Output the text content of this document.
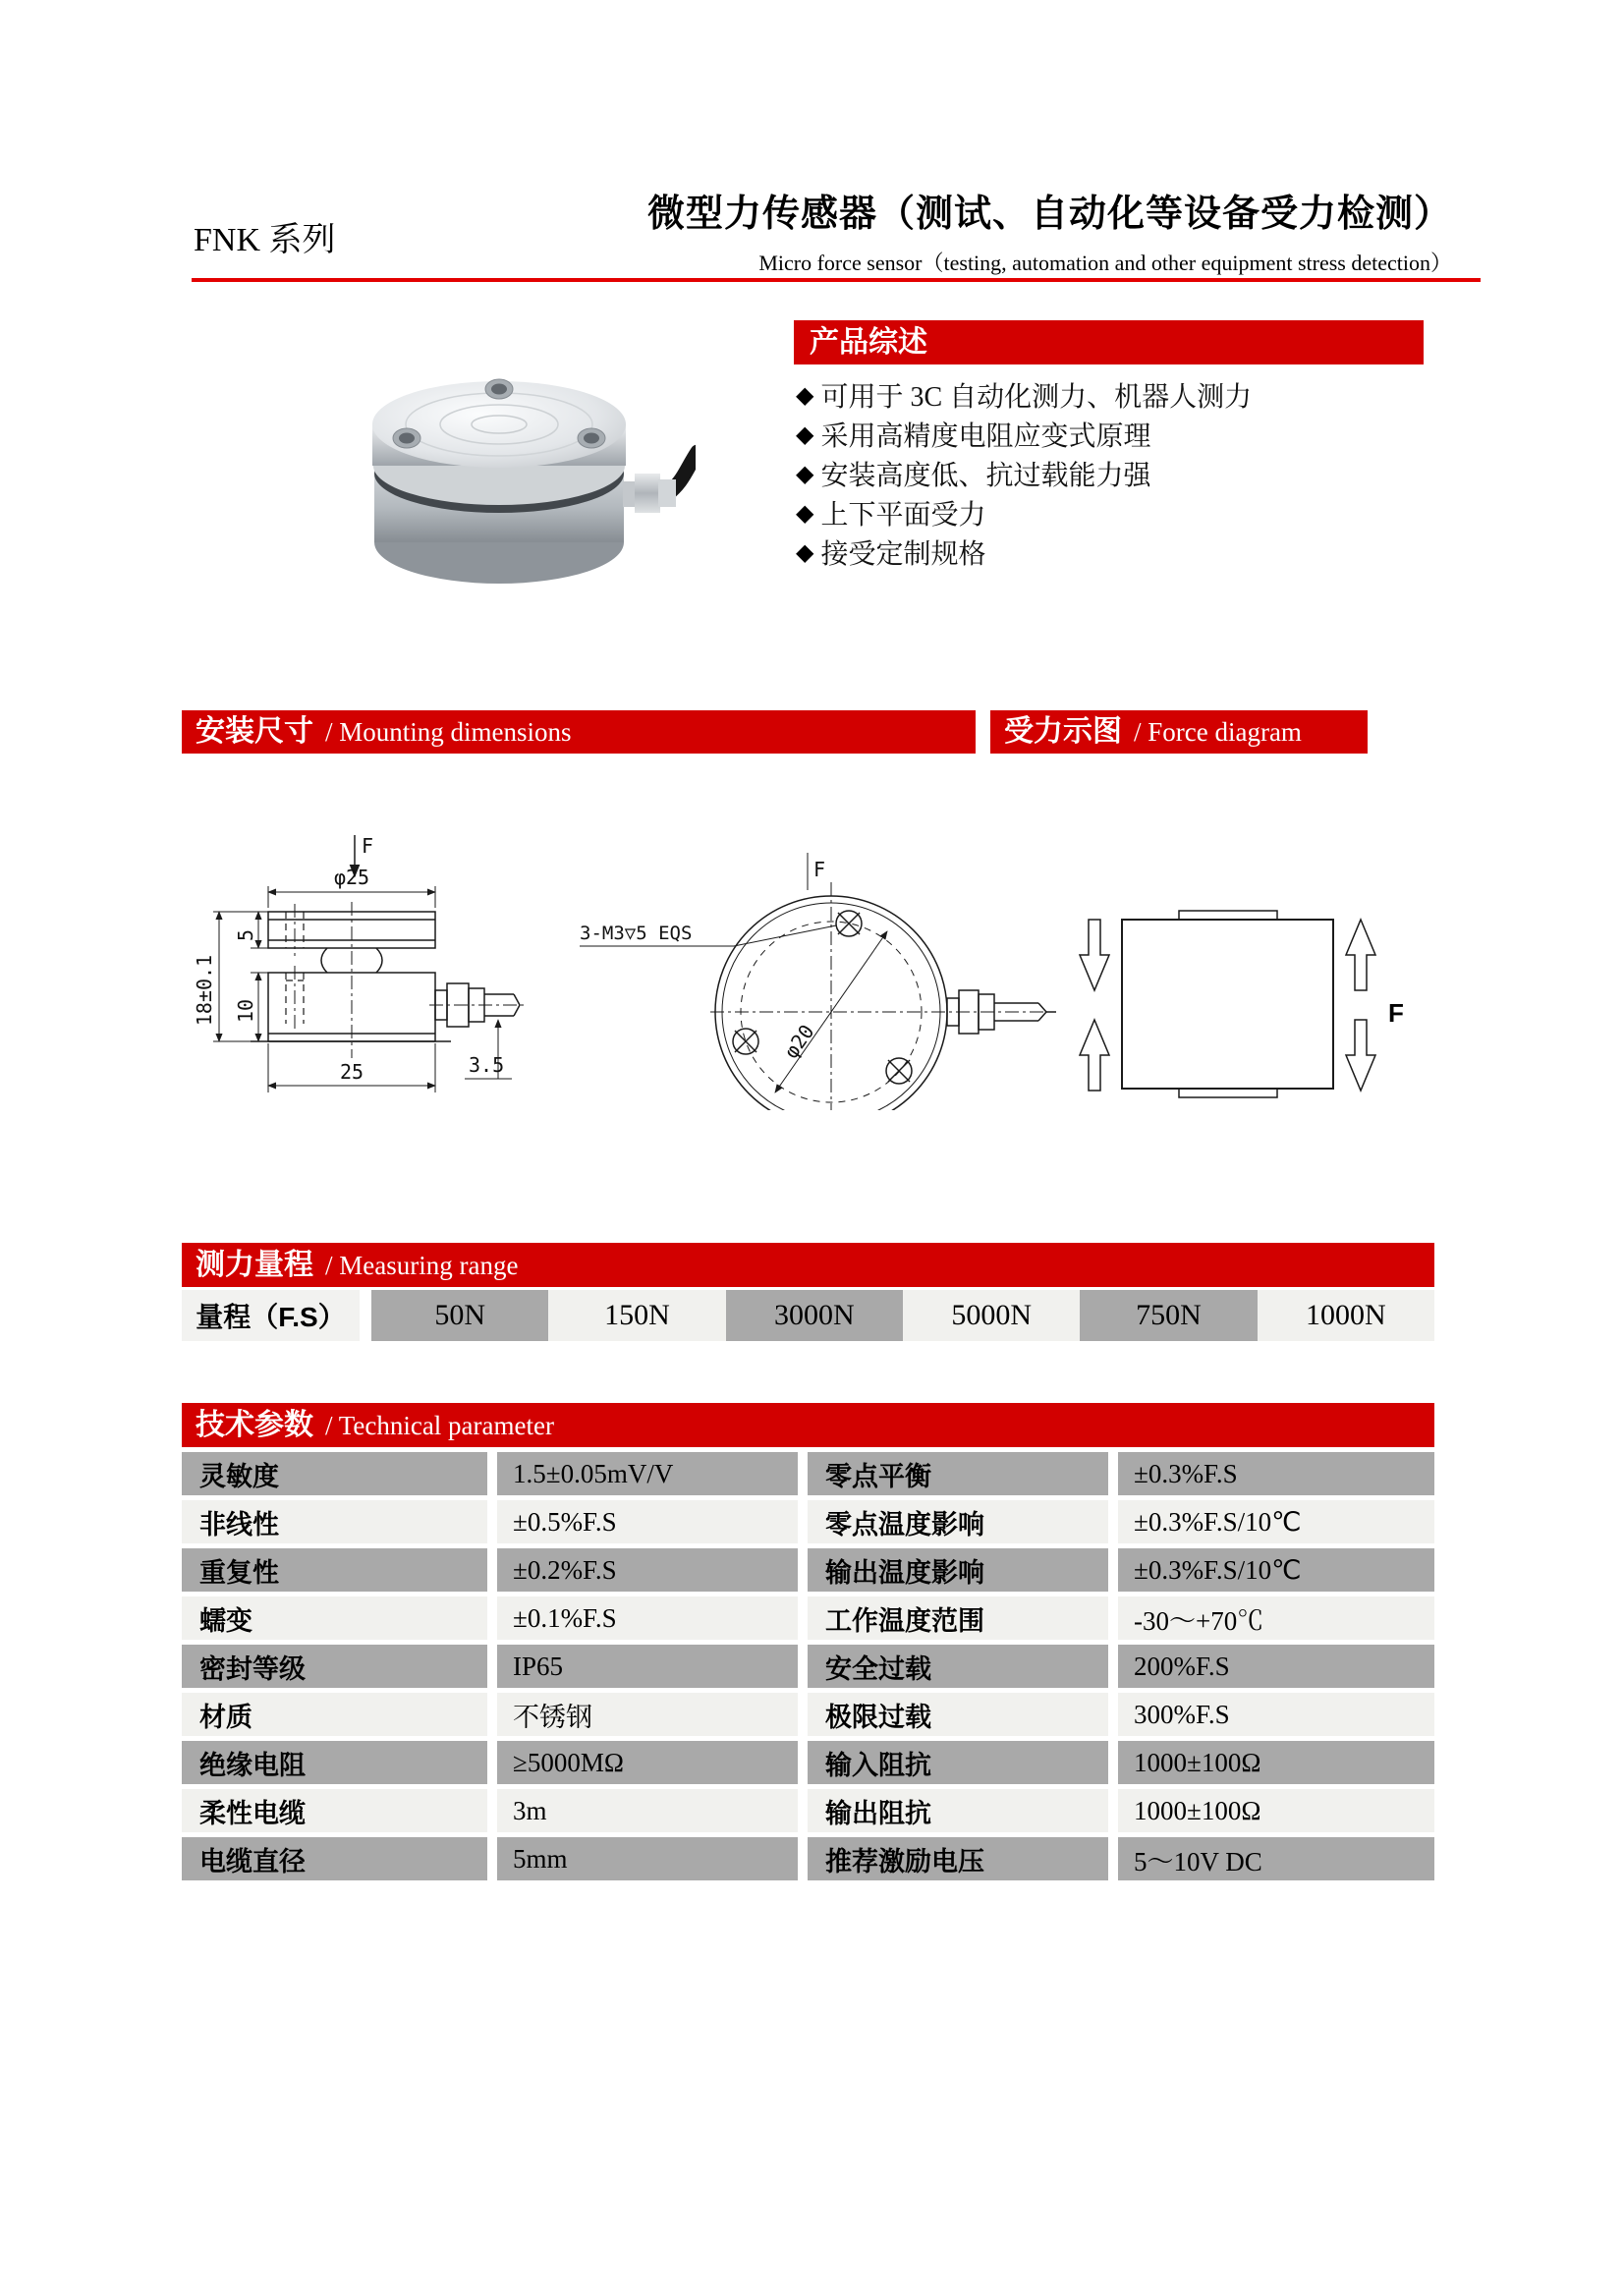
FNK 系列
微型力传感器（测试、自动化等设备受力检测）
Micro force sensor（testing, automation and other equipment stress detection）
产品综述
◆ 可用于 3C 自动化测力、机器人测力
◆ 采用高精度电阻应变式原理
◆ 安装高度低、抗过载能力强
◆ 上下平面受力
◆ 接受定制规格
安装尺寸 / Mounting dimensions	受力示图 / Force diagram
F
φ25
5
10
18±0.1
25	3.5
F
φ20
3-M3▽5 EQS
F
测力量程 / Measuring range
量程（F.S）	50N	150N	3000N	5000N	750N	1000N
技术参数 / Technical parameter
灵敏度	1.5±0.05mV/V	零点平衡	±0.3%F.S
非线性	±0.5%F.S	零点温度影响	±0.3%F.S/10℃
重复性	±0.2%F.S	输出温度影响	±0.3%F.S/10℃
蠕变	±0.1%F.S	工作温度范围	-30～+70℃
密封等级	IP65	安全过载	200%F.S
材质	不锈钢	极限过载	300%F.S
绝缘电阻	≥5000MΩ	输入阻抗	1000±100Ω
柔性电缆	3m	输出阻抗	1000±100Ω
电缆直径	5mm	推荐激励电压	5～10V DC
